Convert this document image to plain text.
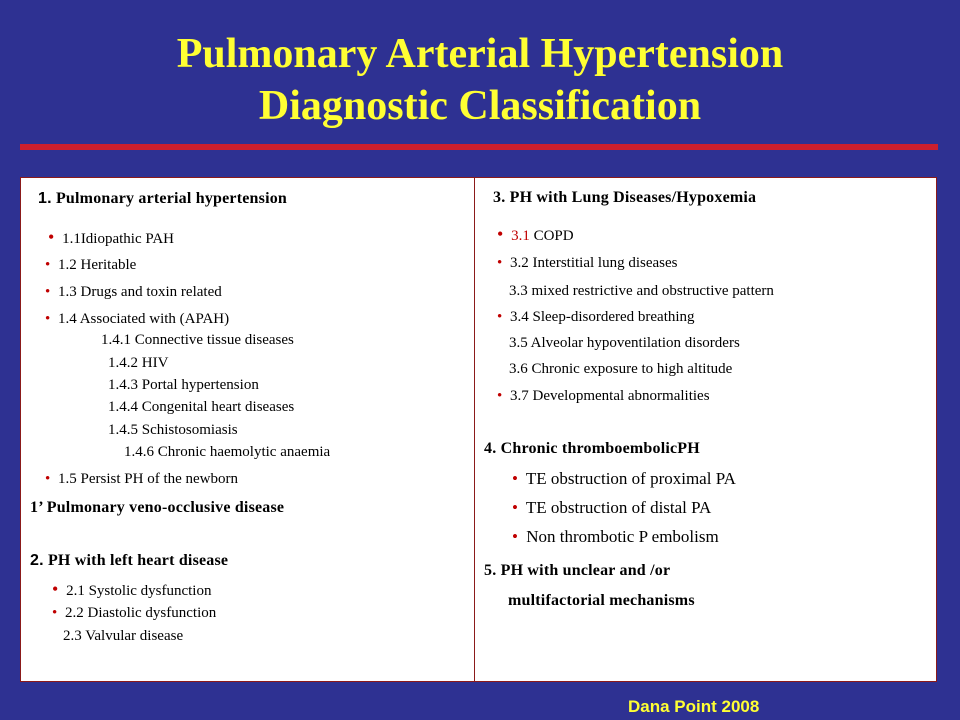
Pulmonary Arterial Hypertension
Diagnostic Classification
1. Pulmonary arterial hypertension
• 1.1Idiopathic PAH
• 1.2 Heritable
• 1.3 Drugs and toxin related
• 1.4 Associated with (APAH)
1.4.1 Connective tissue diseases
1.4.2 HIV
1.4.3 Portal hypertension
1.4.4 Congenital heart diseases
1.4.5 Schistosomiasis
1.4.6 Chronic haemolytic anaemia
• 1.5 Persist PH of the newborn
1’ Pulmonary veno-occlusive disease
2. PH with left heart disease
• 2.1 Systolic dysfunction
• 2.2 Diastolic dysfunction
2.3 Valvular disease
3. PH with Lung Diseases/Hypoxemia
• 3.1 COPD
• 3.2 Interstitial lung diseases
3.3 mixed restrictive and obstructive pattern
• 3.4 Sleep-disordered breathing
3.5 Alveolar hypoventilation disorders
3.6 Chronic exposure to high altitude
• 3.7 Developmental abnormalities
4. Chronic thromboembolicPH
• TE obstruction of proximal PA
• TE obstruction of distal PA
• Non thrombotic P embolism
5. PH with unclear and /or
multifactorial mechanisms
Dana Point 2008
